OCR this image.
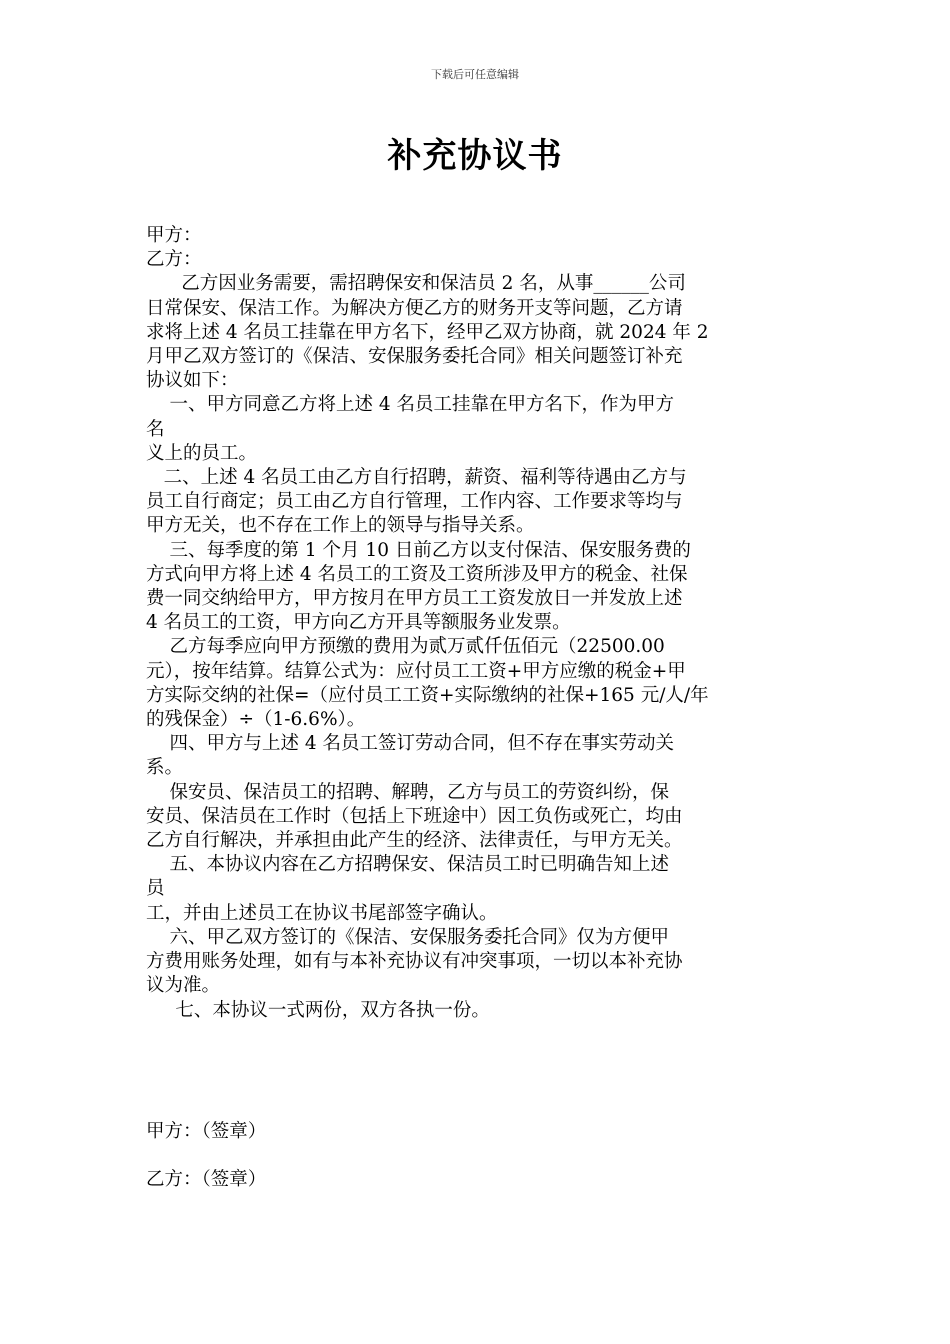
下载后可任意编辑
补充协议书
甲方：
乙方：
乙方因业务需要，需招聘保安和保洁员 2 名，从事______公司
日常保安、保洁工作。为解决方便乙方的财务开支等问题，乙方请
求将上述 4 名员工挂靠在甲方名下，经甲乙双方协商，就 2024 年 2
月甲乙双方签订的《保洁、安保服务委托合同》相关问题签订补充
协议如下：
一、甲方同意乙方将上述 4 名员工挂靠在甲方名下，作为甲方
名
义上的员工。
二、上述 4 名员工由乙方自行招聘，薪资、福利等待遇由乙方与
员工自行商定；员工由乙方自行管理，工作内容、工作要求等均与
甲方无关，也不存在工作上的领导与指导关系。
三、每季度的第 1 个月 10 日前乙方以支付保洁、保安服务费的
方式向甲方将上述 4 名员工的工资及工资所涉及甲方的税金、社保
费一同交纳给甲方，甲方按月在甲方员工工资发放日一并发放上述
4 名员工的工资，甲方向乙方开具等额服务业发票。
乙方每季应向甲方预缴的费用为贰万贰仟伍佰元（22500.00
元），按年结算。结算公式为：应付员工工资+甲方应缴的税金+甲
方实际交纳的社保=（应付员工工资+实际缴纳的社保+165 元/人/年
的残保金）÷（1-6.6%）。
四、甲方与上述 4 名员工签订劳动合同，但不存在事实劳动关
系。
保安员、保洁员工的招聘、解聘，乙方与员工的劳资纠纷，保
安员、保洁员在工作时（包括上下班途中）因工负伤或死亡，均由
乙方自行解决，并承担由此产生的经济、法律责任，与甲方无关。
五、本协议内容在乙方招聘保安、保洁员工时已明确告知上述
员
工，并由上述员工在协议书尾部签字确认。
六、甲乙双方签订的《保洁、安保服务委托合同》仅为方便甲
方费用账务处理，如有与本补充协议有冲突事项，一切以本补充协
议为准。
七、本协议一式两份，双方各执一份。
甲方：（签章）
乙方：（签章）
